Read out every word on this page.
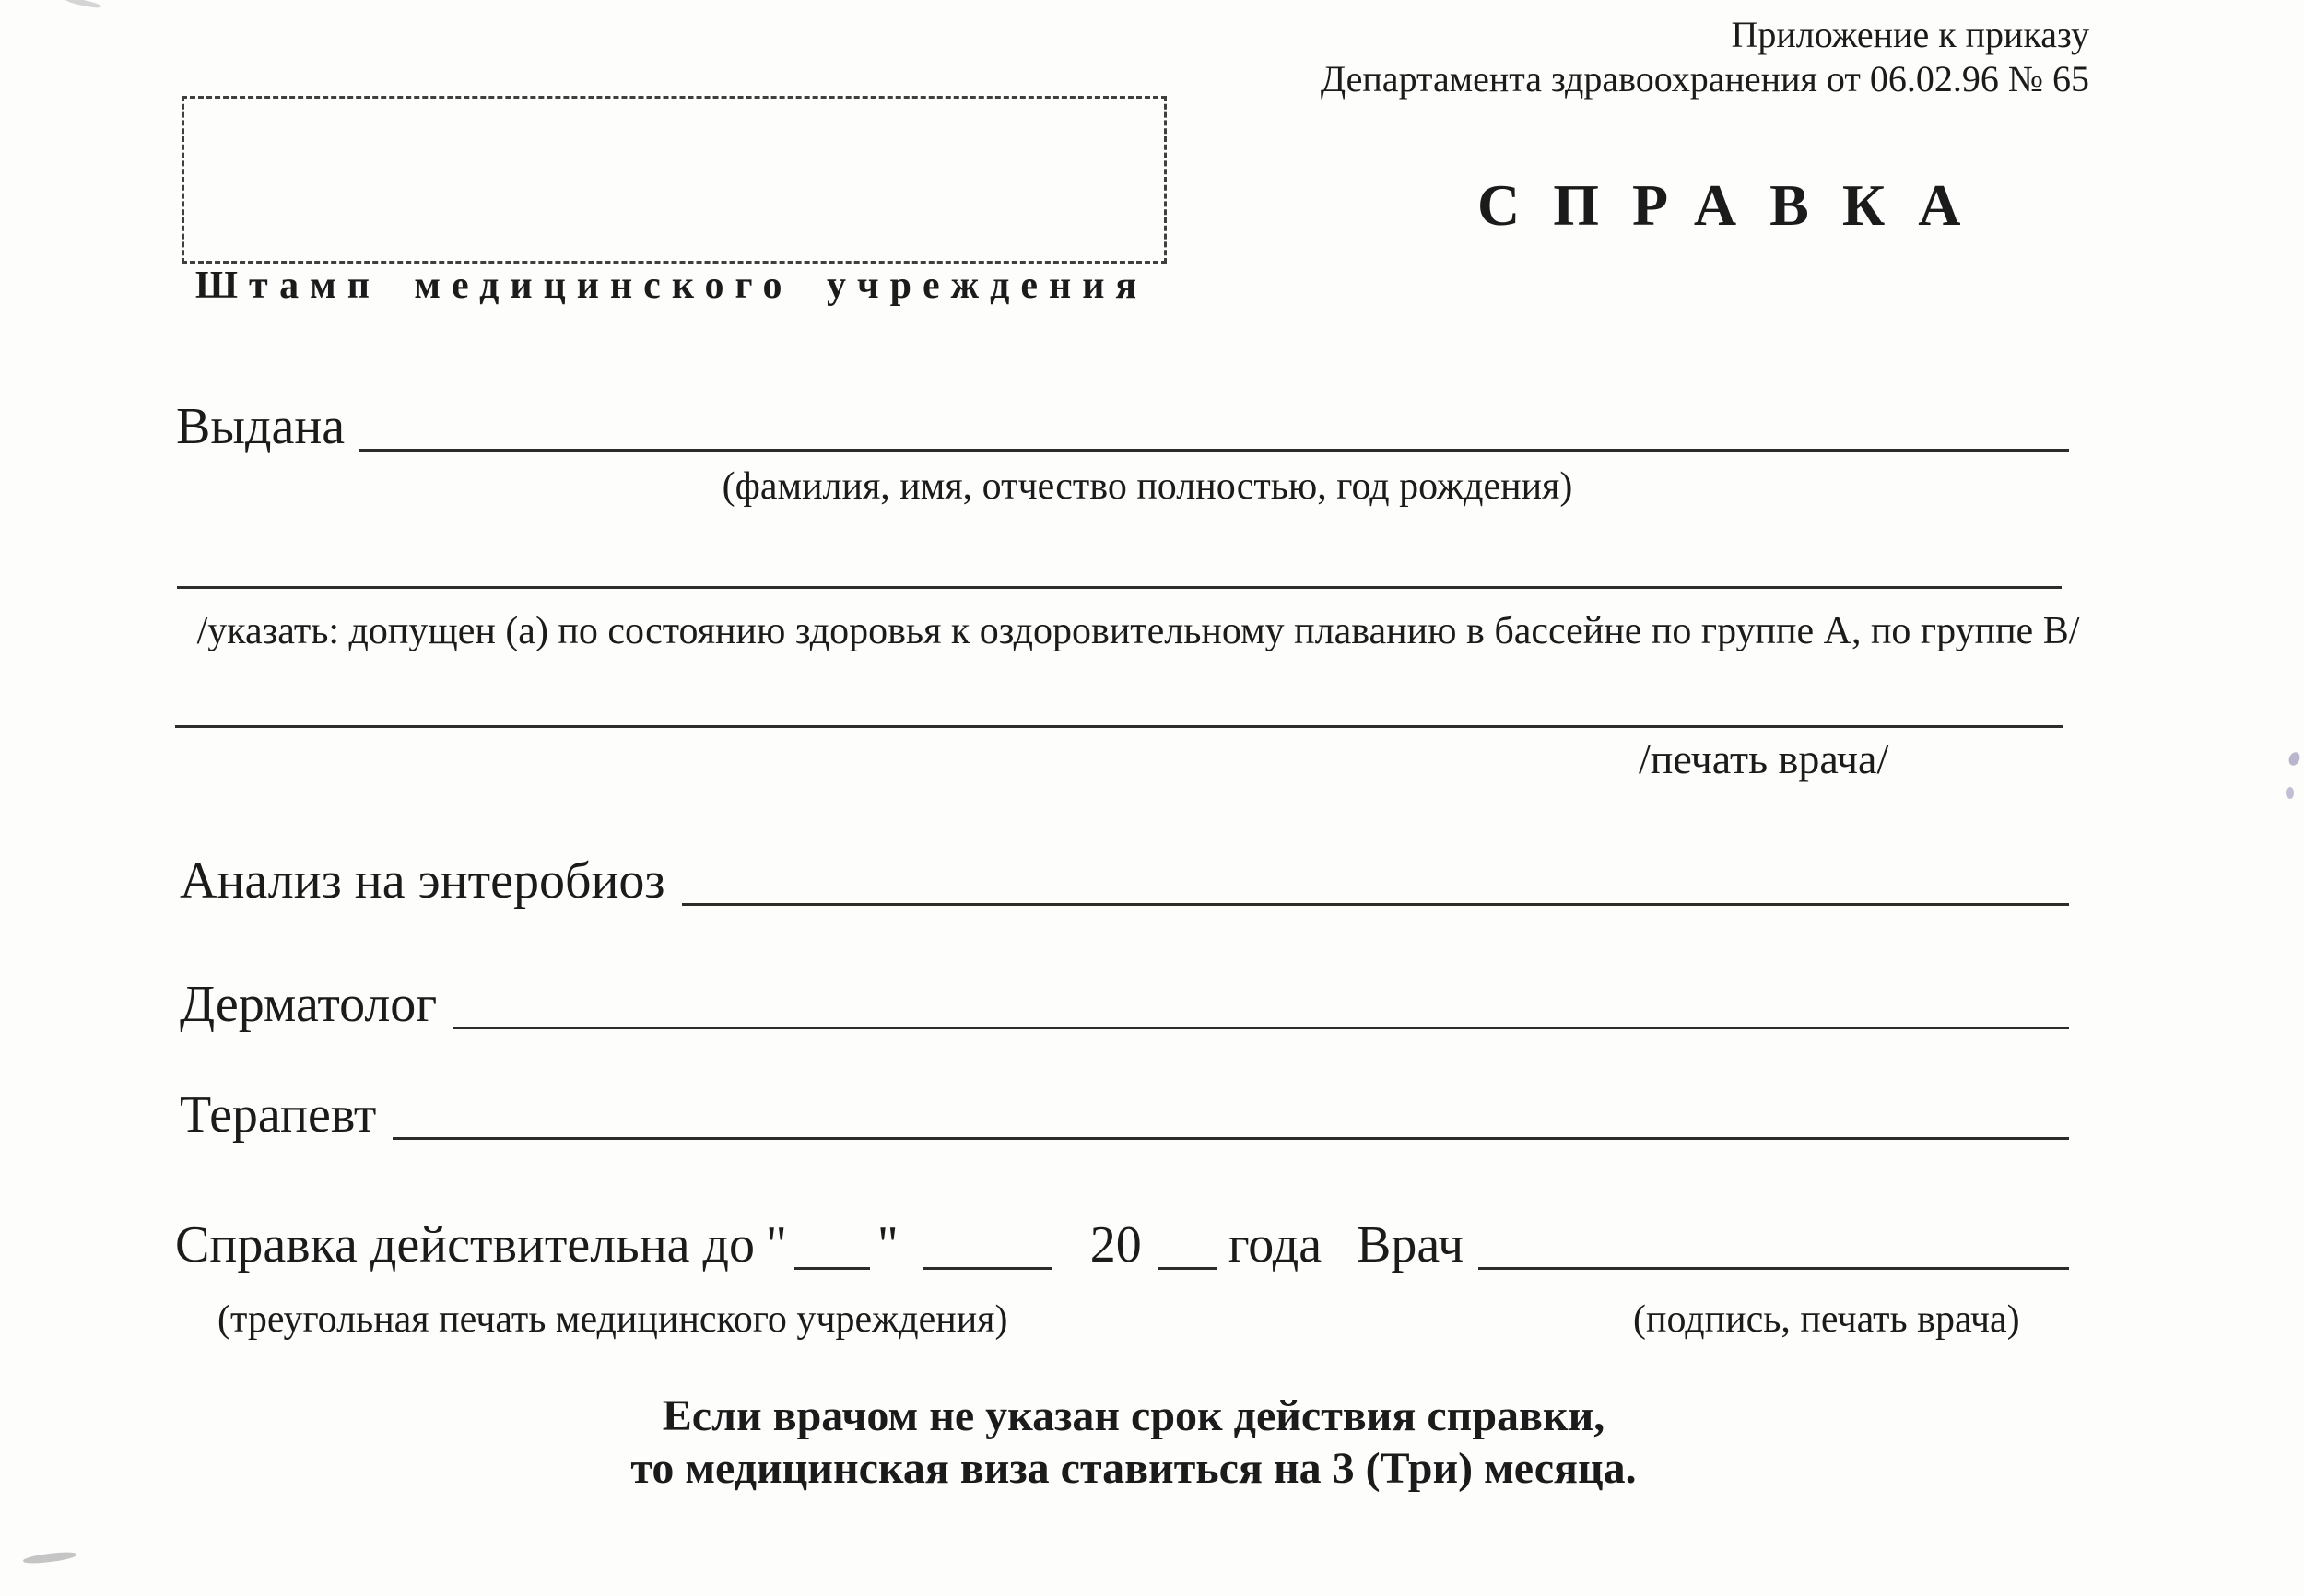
Приложение к приказу
Департамента здравоохранения от 06.02.96 № 65
Штамп медицинского учреждения
СПРАВКА
Выдана
(фамилия, имя, отчество полностью, год рождения)
/указать: допущен (а) по состоянию здоровья к оздоровительному плаванию в бассейне по группе А, по группе В/
/печать врача/
Анализ на энтеробиоз
Дерматолог
Терапевт
Справка действительна до " "	20 года Врач
(треугольная печать медицинского учреждения)	(подпись, печать врача)
Если врачом не указан срок действия справки,
то медицинская виза ставиться на 3 (Три) месяца.
